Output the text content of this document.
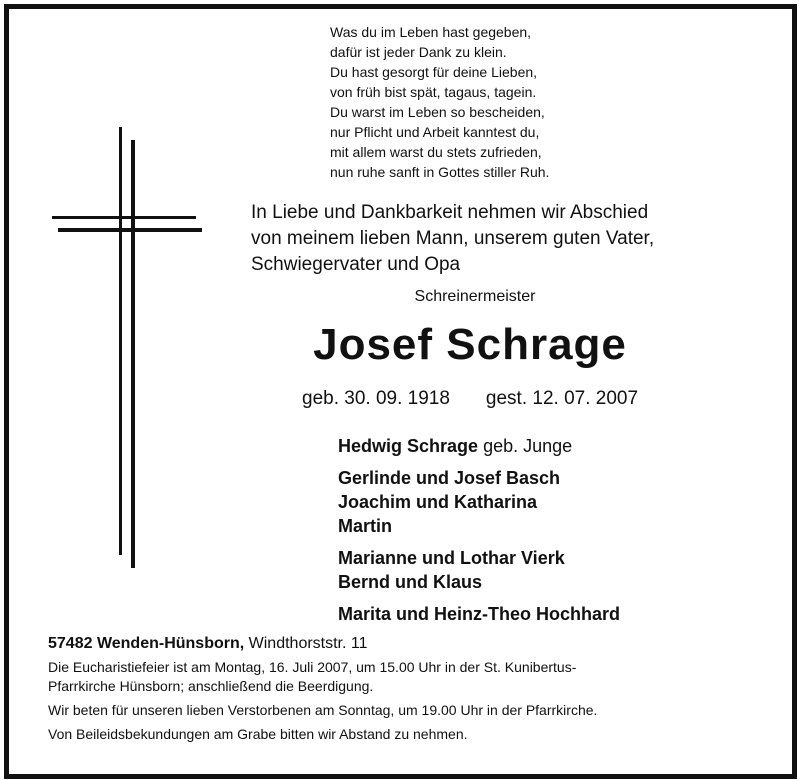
Was du im Leben hast gegeben,
dafür ist jeder Dank zu klein.
Du hast gesorgt für deine Lieben,
von früh bist spät, tagaus, tagein.
Du warst im Leben so bescheiden,
nur Pflicht und Arbeit kanntest du,
mit allem warst du stets zufrieden,
nun ruhe sanft in Gottes stiller Ruh.
In Liebe und Dankbarkeit nehmen wir Abschied
von meinem lieben Mann, unserem guten Vater,
Schwiegervater und Opa
Schreinermeister
Josef Schrage
geb. 30. 09. 1918 gest. 12. 07. 2007
Hedwig Schrage geb. Junge
Gerlinde und Josef Basch
Joachim und Katharina
Martin
Marianne und Lothar Vierk
Bernd und Klaus
Marita und Heinz-Theo Hochhard
57482 Wenden-Hünsborn, Windthorststr. 11
Die Eucharistiefeier ist am Montag, 16. Juli 2007, um 15.00 Uhr in der St. Kunibertus-
Pfarrkirche Hünsborn; anschließend die Beerdigung.
Wir beten für unseren lieben Verstorbenen am Sonntag, um 19.00 Uhr in der Pfarrkirche.
Von Beileidsbekundungen am Grabe bitten wir Abstand zu nehmen.
